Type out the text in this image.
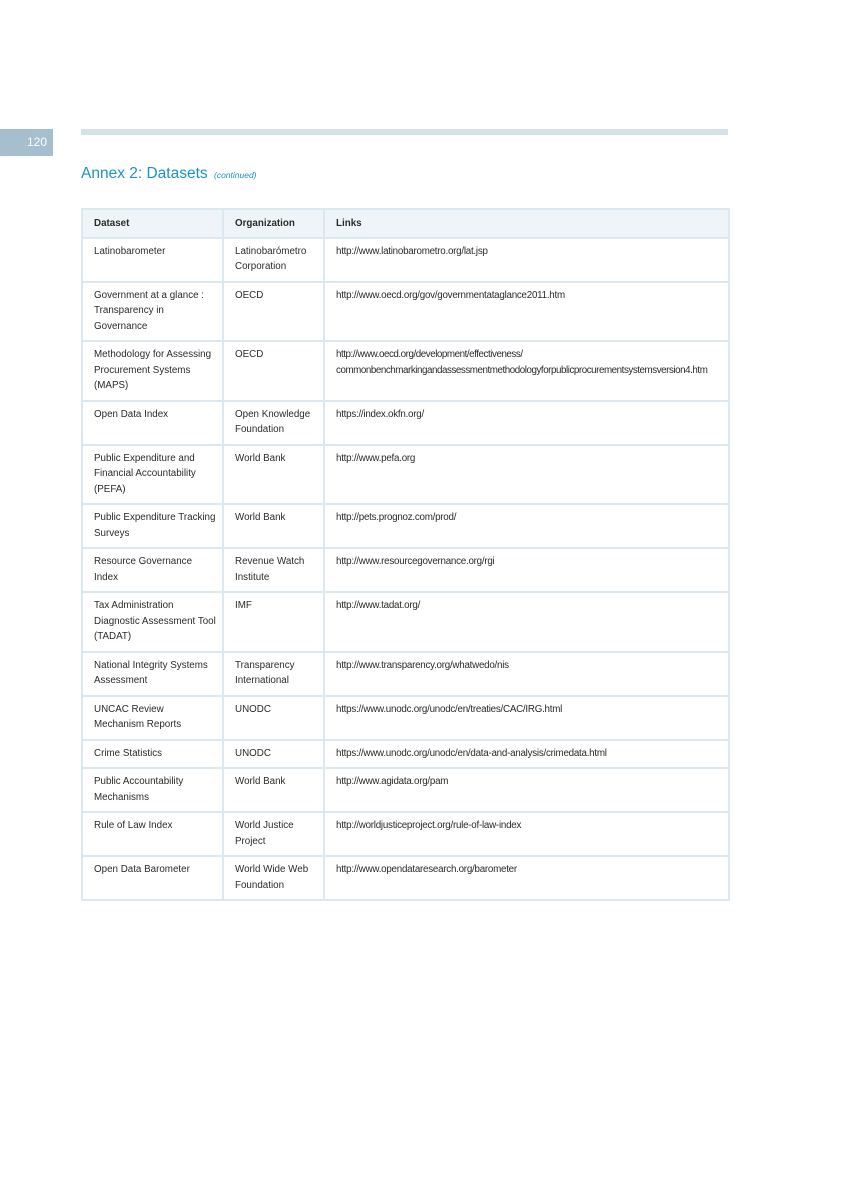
120
Annex 2: Datasets (continued)
Dataset	Organization	Links
Latinobarometer	Latinobarómetro Corporation	http://www.latinobarometro.org/lat.jsp
Government at a glance : Transparency in Governance	OECD	http://www.oecd.org/gov/governmentataglance2011.htm
Methodology for Assessing Procurement Systems (MAPS)	OECD	http://www.oecd.org/development/effectiveness/
commonbenchmarkingandassessmentmethodologyforpublicprocurementsystemsversion4.htm
Open Data Index	Open Knowledge Foundation	https://index.okfn.org/
Public Expenditure and Financial Accountability (PEFA)	World Bank	http://www.pefa.org
Public Expenditure Tracking Surveys	World Bank	http://pets.prognoz.com/prod/
Resource Governance Index	Revenue Watch Institute	http://www.resourcegovernance.org/rgi
Tax Administration Diagnostic Assessment Tool (TADAT)	IMF	http://www.tadat.org/
National Integrity Systems Assessment	Transparency International	http://www.transparency.org/whatwedo/nis
UNCAC Review Mechanism Reports	UNODC	https://www.unodc.org/unodc/en/treaties/CAC/IRG.html
Crime Statistics	UNODC	https://www.unodc.org/unodc/en/data-and-analysis/crimedata.html
Public Accountability Mechanisms	World Bank	http://www.agidata.org/pam
Rule of Law Index	World Justice Project	http://worldjusticeproject.org/rule-of-law-index
Open Data Barometer	World Wide Web Foundation	http://www.opendataresearch.org/barometer
